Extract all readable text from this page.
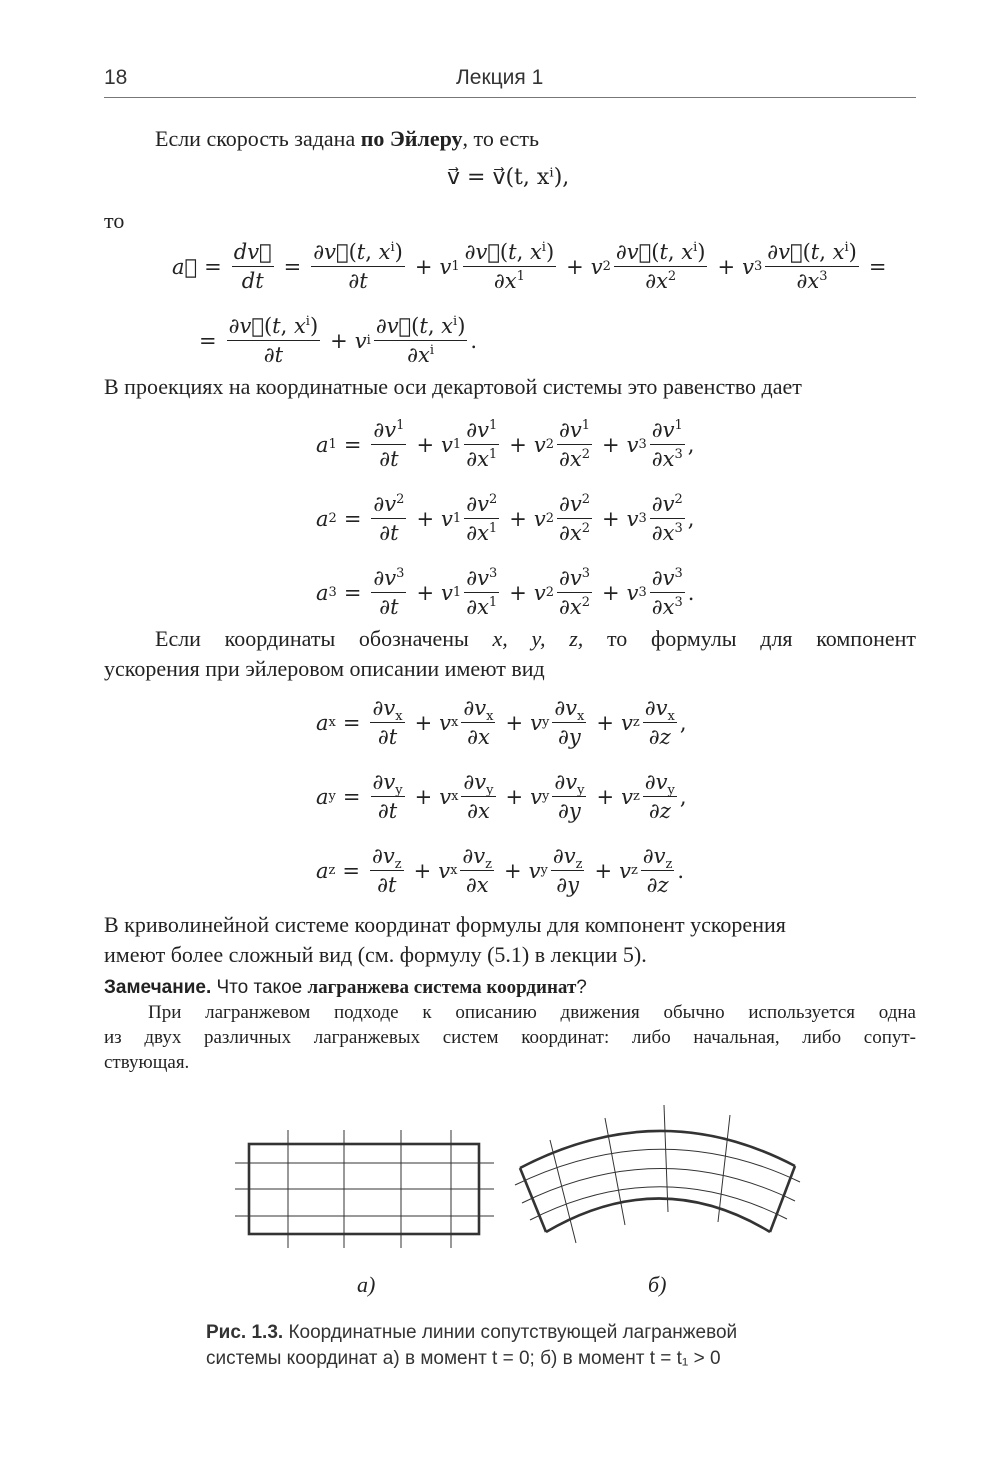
18	Лекция 1
Если скорость задана по Эйлеру, то есть
v⃗ = v⃗(t, xⁱ),
то
a⃗ = $\frac{dv⃗}{dt} = \frac{\partial v⃗(t, x^i)}{\partial t} + v$ $1 \frac{\partial v⃗(t, x^i)}{\partial x^1} + v$ $2 \frac{\partial v⃗(t, x^i)}{\partial x^2} + v$ $3 \frac{\partial v⃗(t, x^i)}{\partial x^3}$ =
= $\frac{\partial v⃗(t, x^i)}{\partial t} + v$ i $\frac{\partial v⃗(t, x^i)}{\partial x^i}$ .
В проекциях на координатные оси декартовой системы это равенство дает
a $1 = \frac{\partial v^1}{\partial t} + v$ $1 \frac{\partial v^1}{\partial x^1} + v$ $2 \frac{\partial v^1}{\partial x^2} + v$ $3 \frac{\partial v^1}{\partial x^3}$ ,
a $2 = \frac{\partial v^2}{\partial t} + v$ $1 \frac{\partial v^2}{\partial x^1} + v$ $2 \frac{\partial v^2}{\partial x^2} + v$ $3 \frac{\partial v^2}{\partial x^3}$ ,
a $3 = \frac{\partial v^3}{\partial t} + v$ $1 \frac{\partial v^3}{\partial x^1} + v$ $2 \frac{\partial v^3}{\partial x^2} + v$ $3 \frac{\partial v^3}{\partial x^3}$ .
Если координаты обозначены x, y, z, то формулы для компонент
ускорения при эйлеровом описании имеют вид
a $x = \frac{\partial v_x}{\partial t} + v$ x $\frac{\partial v_x}{\partial x} + v$ y $\frac{\partial v_x}{\partial y} + v$ z $\frac{\partial v_x}{\partial z}$ ,
a $y = \frac{\partial v_y}{\partial t} + v$ x $\frac{\partial v_y}{\partial x} + v$ y $\frac{\partial v_y}{\partial y} + v$ z $\frac{\partial v_y}{\partial z}$ ,
a $z = \frac{\partial v_z}{\partial t} + v$ x $\frac{\partial v_z}{\partial x} + v$ y $\frac{\partial v_z}{\partial y} + v$ z $\frac{\partial v_z}{\partial z}$ .
В криволинейной системе координат формулы для компонент ускорения
имеют более сложный вид (см. формулу (5.1) в лекции 5).
Замечание. Что такое лагранжева система координат?
При лагранжевом подходе к описанию движения обычно используется одна
из двух различных лагранжевых систем координат: либо начальная, либо сопут-
ствующая.
а)	б)
Рис. 1.3. Координатные линии сопутствующей лагранжевой
системы координат а) в момент t = 0; б) в момент t = t₁ > 0
